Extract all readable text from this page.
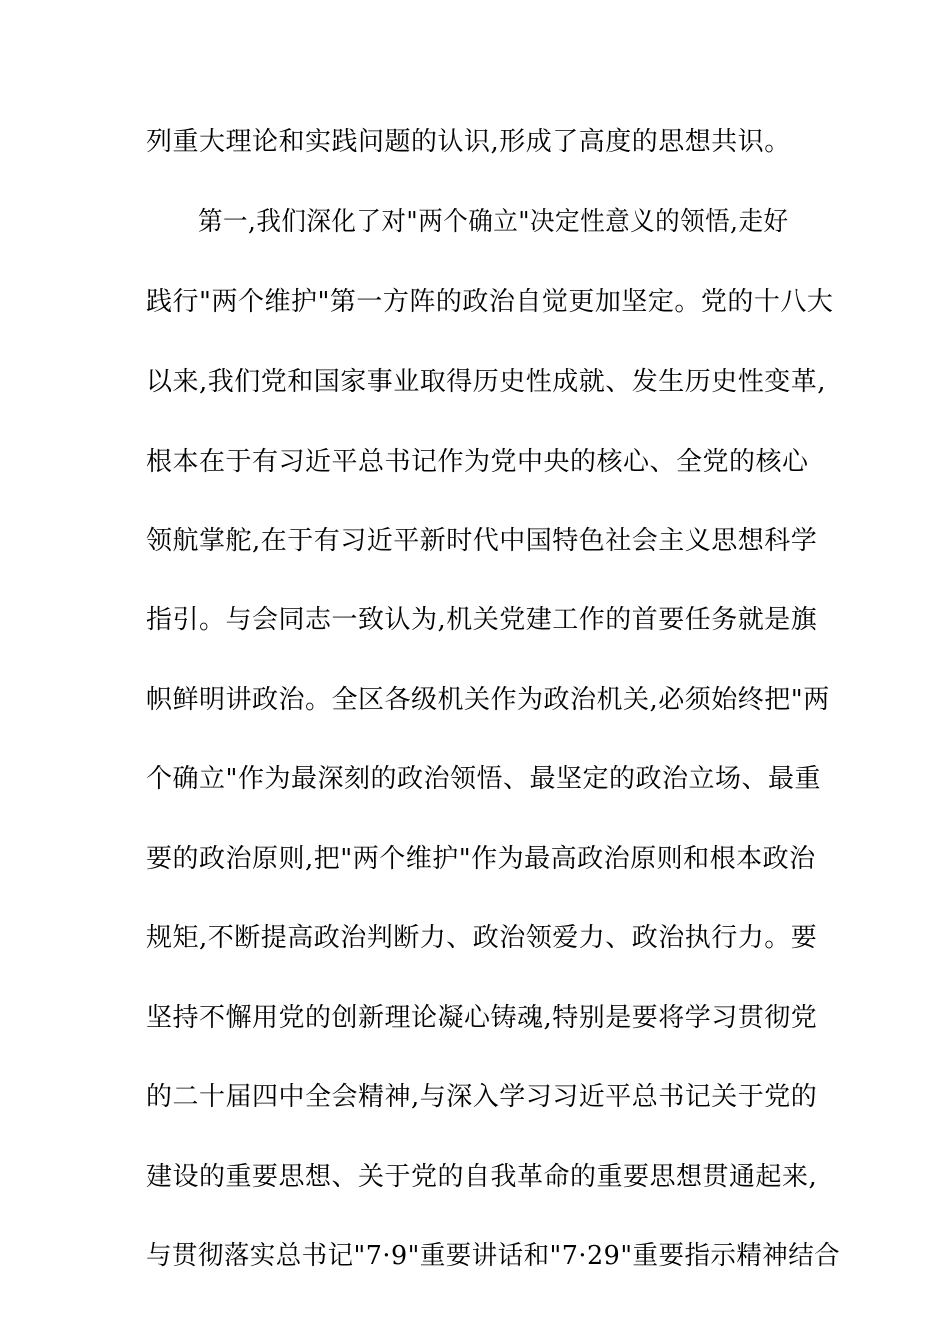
列重大理论和实践问题的认识,形成了高度的思想共识。
第一,我们深化了对"两个确立"决定性意义的领悟,走好
践行"两个维护"第一方阵的政治自觉更加坚定。党的十八大
以来,我们党和国家事业取得历史性成就、发生历史性变革,
根本在于有习近平总书记作为党中央的核心、全党的核心
领航掌舵,在于有习近平新时代中国特色社会主义思想科学
指引。与会同志一致认为,机关党建工作的首要任务就是旗
帜鲜明讲政治。全区各级机关作为政治机关,必须始终把"两
个确立"作为最深刻的政治领悟、最坚定的政治立场、最重
要的政治原则,把"两个维护"作为最高政治原则和根本政治
规矩,不断提高政治判断力、政治领爱力、政治执行力。要
坚持不懈用党的创新理论凝心铸魂,特别是要将学习贯彻党
的二十届四中全会精神,与深入学习习近平总书记关于党的
建设的重要思想、关于党的自我革命的重要思想贯通起来,
与贯彻落实总书记"7·9"重要讲话和"7·29"重要指示精神结合
